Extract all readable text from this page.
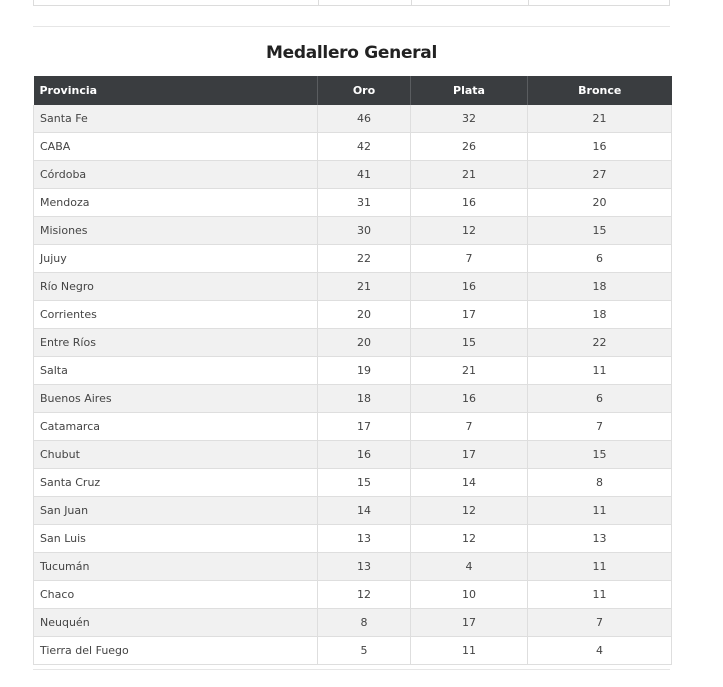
Medallero General
Provincia	Oro	Plata	Bronce
Santa Fe	46	32	21
CABA	42	26	16
Córdoba	41	21	27
Mendoza	31	16	20
Misiones	30	12	15
Jujuy	22	7	6
Río Negro	21	16	18
Corrientes	20	17	18
Entre Ríos	20	15	22
Salta	19	21	11
Buenos Aires	18	16	6
Catamarca	17	7	7
Chubut	16	17	15
Santa Cruz	15	14	8
San Juan	14	12	11
San Luis	13	12	13
Tucumán	13	4	11
Chaco	12	10	11
Neuquén	8	17	7
Tierra del Fuego	5	11	4
